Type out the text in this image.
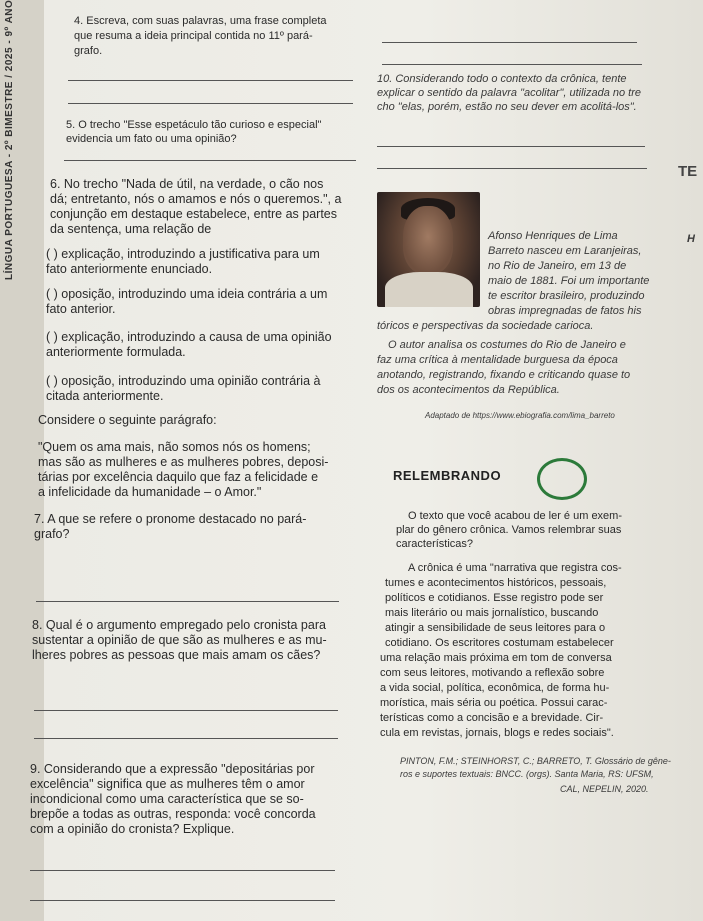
LÍNGUA PORTUGUESA - 2º BIMESTRE / 2025 - 9º ANO	4. Escreva, com suas palavras, uma frase completa
que resuma a ideia principal contida no 11º pará-
grafo.
10. Considerando todo o contexto da crônica, tente
explicar o sentido da palavra "acolitar", utilizada no tre
cho "elas, porém, estão no seu dever em acolitá-los".
5. O trecho "Esse espetáculo tão curioso e especial"
evidencia um fato ou uma opinião?
6. No trecho "Nada de útil, na verdade, o cão nos
dá; entretanto, nós o amamos e nós o queremos.", a
conjunção em destaque estabelece, entre as partes
da sentença, uma relação de
( ) explicação, introduzindo a justificativa para um
fato anteriormente enunciado.
( ) oposição, introduzindo uma ideia contrária a um
fato anterior.
( ) explicação, introduzindo a causa de uma opinião
anteriormente formulada.
( ) oposição, introduzindo uma opinião contrária à
citada anteriormente.
TE
H
Afonso Henriques de Lima
Barreto nasceu em Laranjeiras,
no Rio de Janeiro, em 13 de
maio de 1881. Foi um importante
te escritor brasileiro, produzindo
obras impregnadas de fatos his
tóricos e perspectivas da sociedade carioca.
O autor analisa os costumes do Rio de Janeiro e
faz uma crítica à mentalidade burguesa da época
anotando, registrando, fixando e criticando quase to
dos os acontecimentos da República.
Adaptado de https://www.ebiografia.com/lima_barreto
Considere o seguinte parágrafo:
"Quem os ama mais, não somos nós os homens;
mas são as mulheres e as mulheres pobres, deposi-
tárias por excelência daquilo que faz a felicidade e
a infelicidade da humanidade – o Amor."
7. A que se refere o pronome destacado no pará-
grafo?
8. Qual é o argumento empregado pelo cronista para
sustentar a opinião de que são as mulheres e as mu-
lheres pobres as pessoas que mais amam os cães?
9. Considerando que a expressão "depositárias por
excelência" significa que as mulheres têm o amor
incondicional como uma característica que se so-
brepõe a todas as outras, responda: você concorda
com a opinião do cronista? Explique.
RELEMBRANDO
O texto que você acabou de ler é um exem-
plar do gênero crônica. Vamos relembrar suas
características?
A crônica é uma "narrativa que registra cos-
tumes e acontecimentos históricos, pessoais,
políticos e cotidianos. Esse registro pode ser
mais literário ou mais jornalístico, buscando
atingir a sensibilidade de seus leitores para o
cotidiano. Os escritores costumam estabelecer
uma relação mais próxima em tom de conversa
com seus leitores, motivando a reflexão sobre
a vida social, política, econômica, de forma hu-
morística, mais séria ou poética. Possui carac-
terísticas como a concisão e a brevidade. Cir-
cula em revistas, jornais, blogs e redes sociais".
PINTON, F.M.; STEINHORST, C.; BARRETO, T. Glossário de gêne-
ros e suportes textuais: BNCC. (orgs). Santa Maria, RS: UFSM,
CAL, NEPELIN, 2020.
